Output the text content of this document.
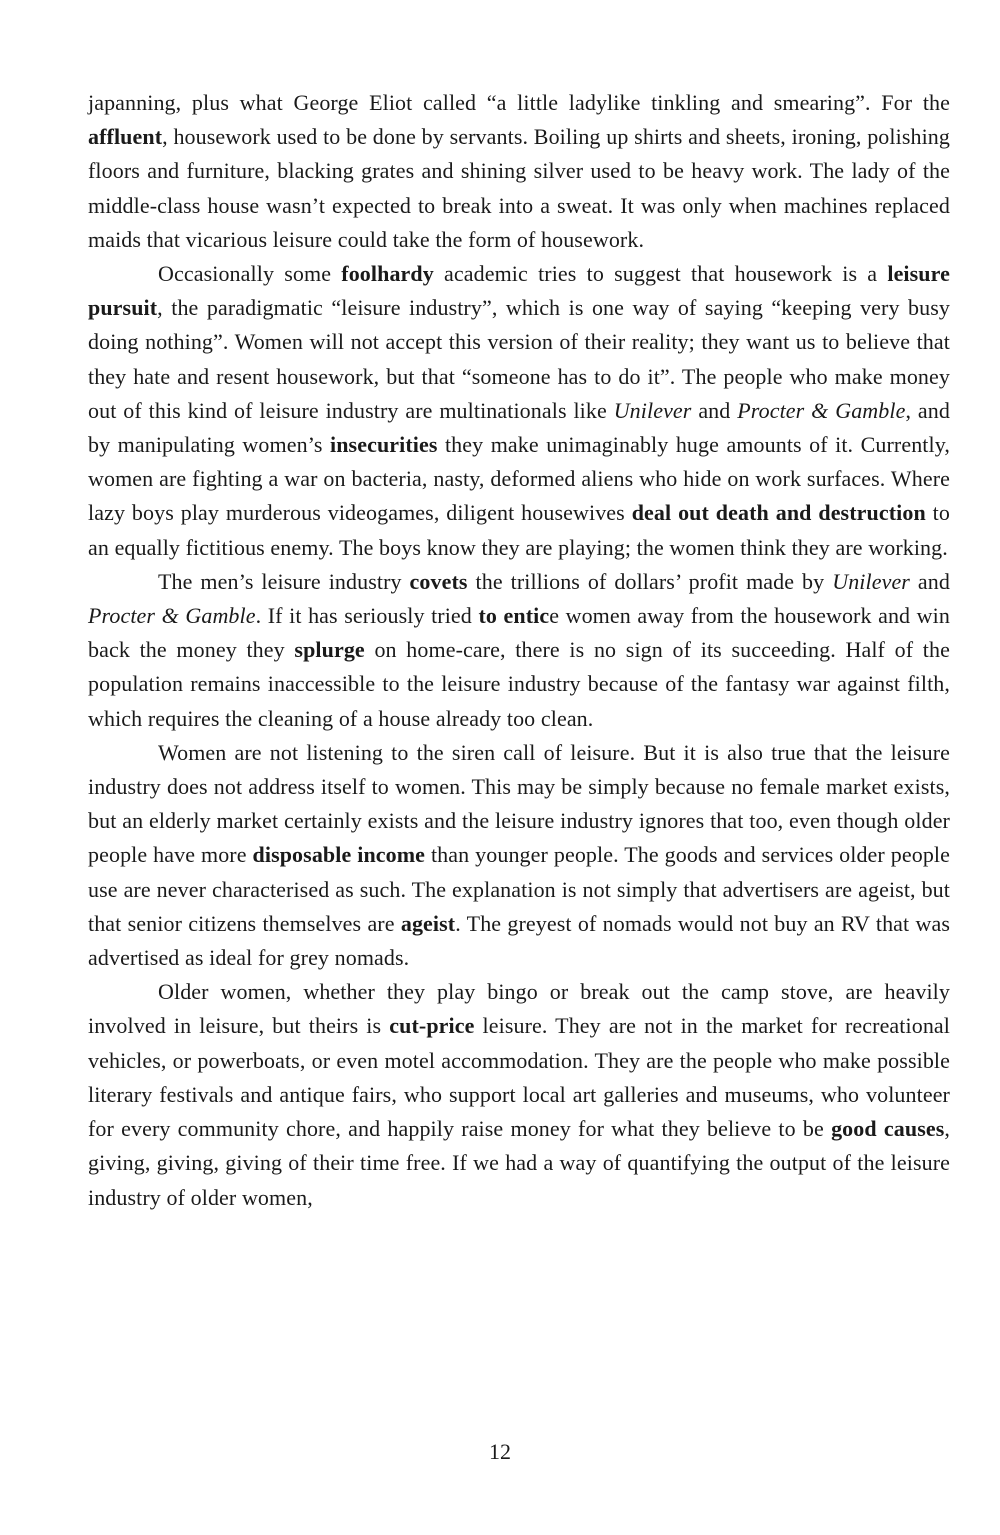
japanning, plus what George Eliot called “a little ladylike tinkling and smearing”. For the affluent, housework used to be done by servants. Boiling up shirts and sheets, ironing, polishing floors and furniture, blacking grates and shining silver used to be heavy work. The lady of the middle-class house wasn’t expected to break into a sweat. It was only when machines replaced maids that vicarious leisure could take the form of housework.

Occasionally some foolhardy academic tries to suggest that housework is a leisure pursuit, the paradigmatic “leisure industry”, which is one way of saying “keeping very busy doing nothing”. Women will not accept this version of their reality; they want us to believe that they hate and resent housework, but that “someone has to do it”. The people who make money out of this kind of leisure industry are multinationals like Unilever and Procter & Gamble, and by manipulating women’s insecurities they make unimaginably huge amounts of it. Currently, women are fighting a war on bacteria, nasty, deformed aliens who hide on work surfaces. Where lazy boys play murderous videogames, diligent housewives deal out death and destruction to an equally fictitious enemy. The boys know they are playing; the women think they are working.

The men’s leisure industry covets the trillions of dollars’ profit made by Unilever and Procter & Gamble. If it has seriously tried to entice women away from the housework and win back the money they splurge on home-care, there is no sign of its succeeding. Half of the population remains inaccessible to the leisure industry because of the fantasy war against filth, which requires the cleaning of a house already too clean.

Women are not listening to the siren call of leisure. But it is also true that the leisure industry does not address itself to women. This may be simply because no female market exists, but an elderly market certainly exists and the leisure industry ignores that too, even though older people have more disposable income than younger people. The goods and services older people use are never characterised as such. The explanation is not simply that advertisers are ageist, but that senior citizens themselves are ageist. The greyest of nomads would not buy an RV that was advertised as ideal for grey nomads.

Older women, whether they play bingo or break out the camp stove, are heavily involved in leisure, but theirs is cut-price leisure. They are not in the market for recreational vehicles, or powerboats, or even motel accommodation. They are the people who make possible literary festivals and antique fairs, who support local art galleries and museums, who volunteer for every community chore, and happily raise money for what they believe to be good causes, giving, giving, giving of their time free. If we had a way of quantifying the output of the leisure industry of older women,

12
